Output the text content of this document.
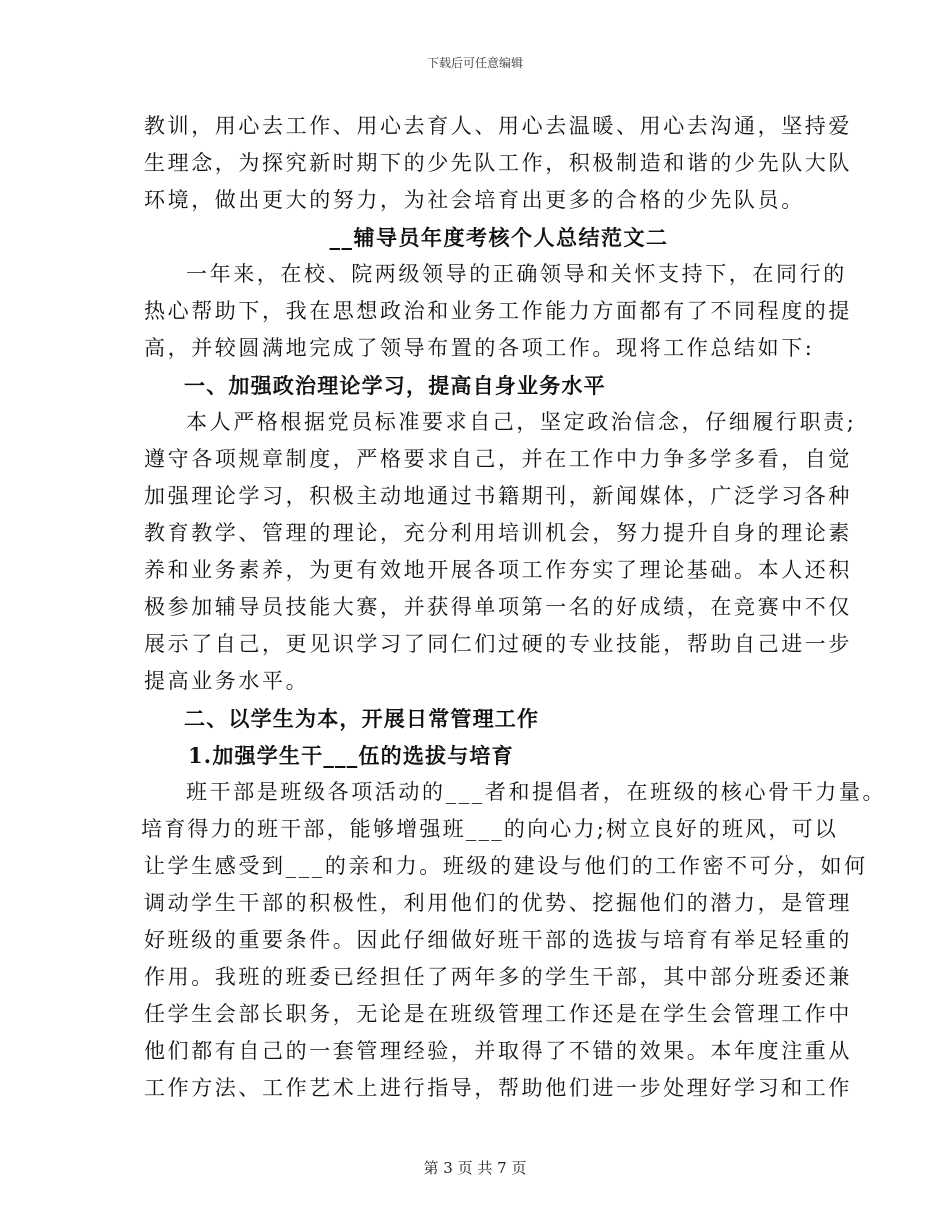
下载后可任意编辑
教训，用心去工作、用心去育人、用心去温暖、用心去沟通，坚持爱
生理念，为探究新时期下的少先队工作，积极制造和谐的少先队大队
环境，做出更大的努力，为社会培育出更多的合格的少先队员。
__辅导员年度考核个人总结范文二
一年来，在校、院两级领导的正确领导和关怀支持下，在同行的
热心帮助下，我在思想政治和业务工作能力方面都有了不同程度的提
高，并较圆满地完成了领导布置的各项工作。现将工作总结如下:
一、加强政治理论学习，提高自身业务水平
本人严格根据党员标准要求自己，坚定政治信念，仔细履行职责;
遵守各项规章制度，严格要求自己，并在工作中力争多学多看，自觉
加强理论学习，积极主动地通过书籍期刊，新闻媒体，广泛学习各种
教育教学、管理的理论，充分利用培训机会，努力提升自身的理论素
养和业务素养，为更有效地开展各项工作夯实了理论基础。本人还积
极参加辅导员技能大赛，并获得单项第一名的好成绩，在竞赛中不仅
展示了自己，更见识学习了同仁们过硬的专业技能，帮助自己进一步
提高业务水平。
二、以学生为本，开展日常管理工作
1.加强学生干___伍的选拔与培育
班干部是班级各项活动的___者和提倡者，在班级的核心骨干力量。
培育得力的班干部，能够增强班___的向心力;树立良好的班风，可以
让学生感受到___的亲和力。班级的建设与他们的工作密不可分，如何
调动学生干部的积极性，利用他们的优势、挖掘他们的潜力，是管理
好班级的重要条件。因此仔细做好班干部的选拔与培育有举足轻重的
作用。我班的班委已经担任了两年多的学生干部，其中部分班委还兼
任学生会部长职务，无论是在班级管理工作还是在学生会管理工作中
他们都有自己的一套管理经验，并取得了不错的效果。本年度注重从
工作方法、工作艺术上进行指导，帮助他们进一步处理好学习和工作
第 3 页 共 7 页
